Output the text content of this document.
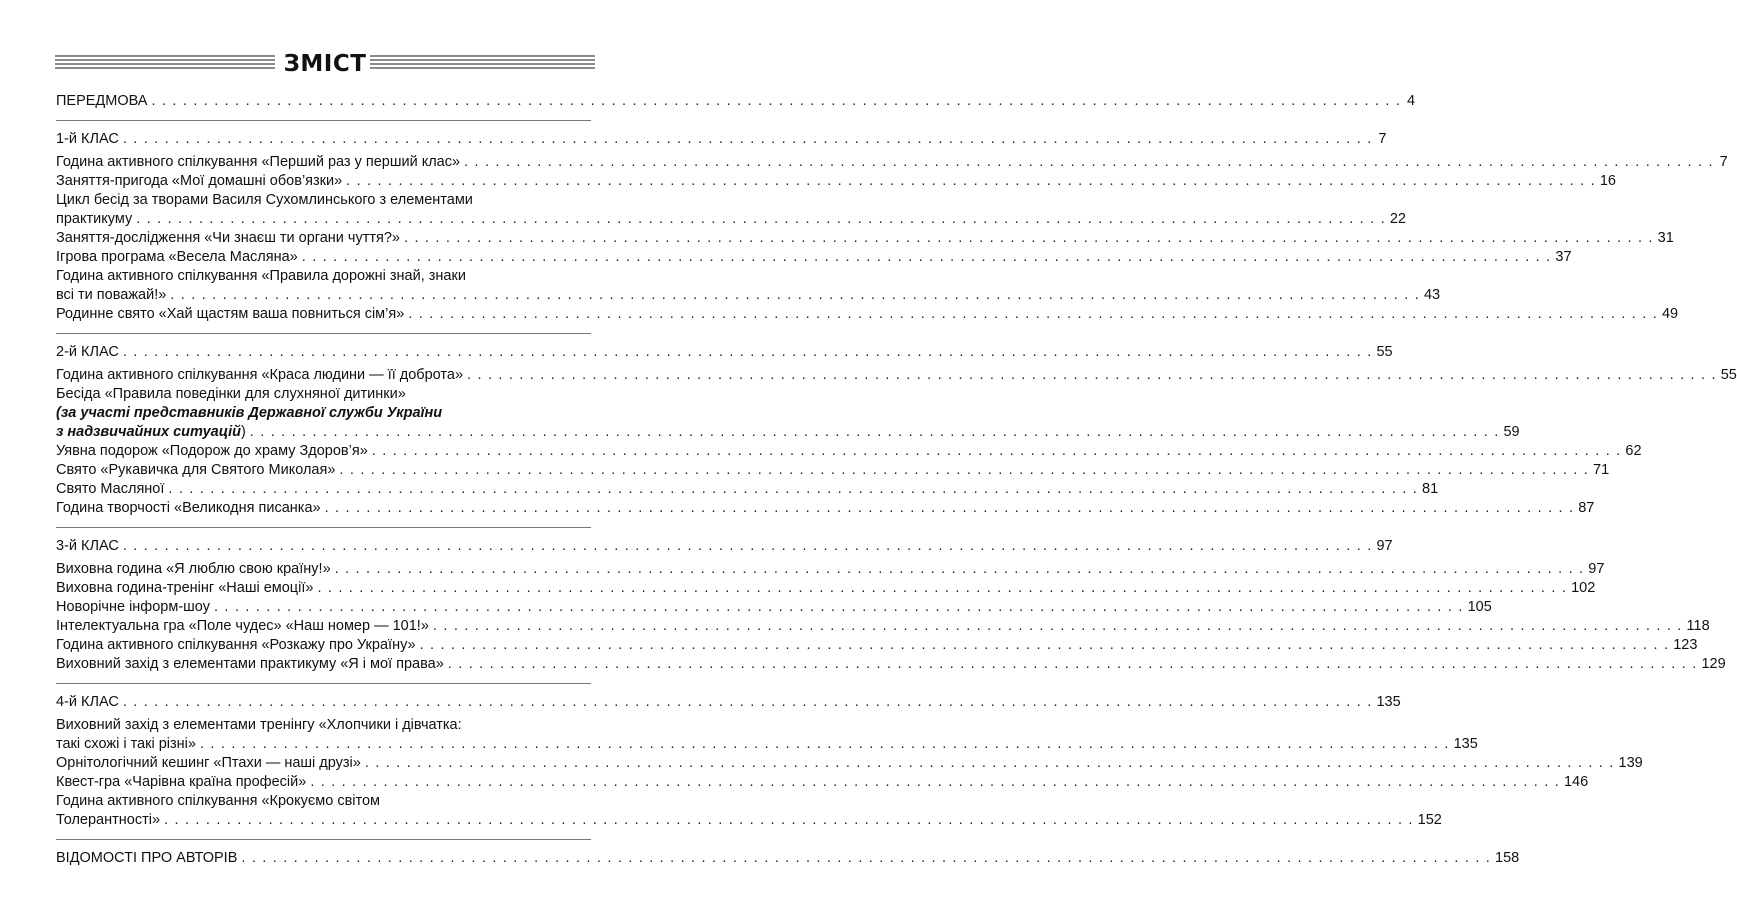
ЗМІСТ
ПЕРЕДМОВА . . . . . . . . . . . . . . . . . . . . . . . . . . . . . . . . . . . . . . . . . . . . . . . . . . . . . . . . . . . . . . . . . . . . . . . . . . . . . . . . . . . . . . . . . . . . . . . . . . . . . . . . . . . . . . . . . . . . . . . . 4
1-й КЛАС . . . . . . . . . . . . . . . . . . . . . . . . . . . . . . . . . . . . . . . . . . . . . . . . . . . . . . . . . . . . . . . . . . . . . . . . . . . . . . . . . . . . . . . . . . . . . . . . . . . . . . . . . . . . . . . . . . . . . . . . 7
Година активного спілкування «Перший раз у перший клас» . . . . . . . . . . . . . . . . . . . . . . . . . . . . . . . . . . . . . . . . . . . . . . . . . . . . . . . . . . . . . . . . . . . . . . . . . . . . . . . . . . . . . . . . . . . . . . . . . . . . . . . . . . . . . . . . . . . . . . . . 7
Заняття-пригода «Мої домашні обов’язки» . . . . . . . . . . . . . . . . . . . . . . . . . . . . . . . . . . . . . . . . . . . . . . . . . . . . . . . . . . . . . . . . . . . . . . . . . . . . . . . . . . . . . . . . . . . . . . . . . . . . . . . . . . . . . . . . . . . . . . . . 16
Цикл бесід за творами Василя Сухомлинського з елементами
практикуму . . . . . . . . . . . . . . . . . . . . . . . . . . . . . . . . . . . . . . . . . . . . . . . . . . . . . . . . . . . . . . . . . . . . . . . . . . . . . . . . . . . . . . . . . . . . . . . . . . . . . . . . . . . . . . . . . . . . . . . . 22
Заняття-дослідження «Чи знаєш ти органи чуття?» . . . . . . . . . . . . . . . . . . . . . . . . . . . . . . . . . . . . . . . . . . . . . . . . . . . . . . . . . . . . . . . . . . . . . . . . . . . . . . . . . . . . . . . . . . . . . . . . . . . . . . . . . . . . . . . . . . . . . . . . 31
Ігрова програма «Весела Масляна» . . . . . . . . . . . . . . . . . . . . . . . . . . . . . . . . . . . . . . . . . . . . . . . . . . . . . . . . . . . . . . . . . . . . . . . . . . . . . . . . . . . . . . . . . . . . . . . . . . . . . . . . . . . . . . . . . . . . . . . . 37
Година активного спілкування «Правила дорожні знай, знаки
всі ти поважай!» . . . . . . . . . . . . . . . . . . . . . . . . . . . . . . . . . . . . . . . . . . . . . . . . . . . . . . . . . . . . . . . . . . . . . . . . . . . . . . . . . . . . . . . . . . . . . . . . . . . . . . . . . . . . . . . . . . . . . . . . 43
Родинне свято «Хай щастям ваша повниться сім’я» . . . . . . . . . . . . . . . . . . . . . . . . . . . . . . . . . . . . . . . . . . . . . . . . . . . . . . . . . . . . . . . . . . . . . . . . . . . . . . . . . . . . . . . . . . . . . . . . . . . . . . . . . . . . . . . . . . . . . . . . 49
2-й КЛАС . . . . . . . . . . . . . . . . . . . . . . . . . . . . . . . . . . . . . . . . . . . . . . . . . . . . . . . . . . . . . . . . . . . . . . . . . . . . . . . . . . . . . . . . . . . . . . . . . . . . . . . . . . . . . . . . . . . . . . . . 55
Година активного спілкування «Краса людини — її доброта» . . . . . . . . . . . . . . . . . . . . . . . . . . . . . . . . . . . . . . . . . . . . . . . . . . . . . . . . . . . . . . . . . . . . . . . . . . . . . . . . . . . . . . . . . . . . . . . . . . . . . . . . . . . . . . . . . . . . . . . . 55
Бесіда «Правила поведінки для слухняної дитинки»
(за участі представників Державної служби України
з надзвичайних ситуацій) . . . . . . . . . . . . . . . . . . . . . . . . . . . . . . . . . . . . . . . . . . . . . . . . . . . . . . . . . . . . . . . . . . . . . . . . . . . . . . . . . . . . . . . . . . . . . . . . . . . . . . . . . . . . . . . . . . . . . . . . 59
Уявна подорож «Подорож до храму Здоров’я» . . . . . . . . . . . . . . . . . . . . . . . . . . . . . . . . . . . . . . . . . . . . . . . . . . . . . . . . . . . . . . . . . . . . . . . . . . . . . . . . . . . . . . . . . . . . . . . . . . . . . . . . . . . . . . . . . . . . . . . . 62
Свято «Рукавичка для Святого Миколая» . . . . . . . . . . . . . . . . . . . . . . . . . . . . . . . . . . . . . . . . . . . . . . . . . . . . . . . . . . . . . . . . . . . . . . . . . . . . . . . . . . . . . . . . . . . . . . . . . . . . . . . . . . . . . . . . . . . . . . . . 71
Свято Масляної . . . . . . . . . . . . . . . . . . . . . . . . . . . . . . . . . . . . . . . . . . . . . . . . . . . . . . . . . . . . . . . . . . . . . . . . . . . . . . . . . . . . . . . . . . . . . . . . . . . . . . . . . . . . . . . . . . . . . . . . 81
Година творчості «Великодня писанка» . . . . . . . . . . . . . . . . . . . . . . . . . . . . . . . . . . . . . . . . . . . . . . . . . . . . . . . . . . . . . . . . . . . . . . . . . . . . . . . . . . . . . . . . . . . . . . . . . . . . . . . . . . . . . . . . . . . . . . . . 87
3-й КЛАС . . . . . . . . . . . . . . . . . . . . . . . . . . . . . . . . . . . . . . . . . . . . . . . . . . . . . . . . . . . . . . . . . . . . . . . . . . . . . . . . . . . . . . . . . . . . . . . . . . . . . . . . . . . . . . . . . . . . . . . . 97
Виховна година «Я люблю свою країну!» . . . . . . . . . . . . . . . . . . . . . . . . . . . . . . . . . . . . . . . . . . . . . . . . . . . . . . . . . . . . . . . . . . . . . . . . . . . . . . . . . . . . . . . . . . . . . . . . . . . . . . . . . . . . . . . . . . . . . . . . 97
Виховна година-тренінг «Наші емоції» . . . . . . . . . . . . . . . . . . . . . . . . . . . . . . . . . . . . . . . . . . . . . . . . . . . . . . . . . . . . . . . . . . . . . . . . . . . . . . . . . . . . . . . . . . . . . . . . . . . . . . . . . . . . . . . . . . . . . . . . 102
Новорічне інформ-шоу . . . . . . . . . . . . . . . . . . . . . . . . . . . . . . . . . . . . . . . . . . . . . . . . . . . . . . . . . . . . . . . . . . . . . . . . . . . . . . . . . . . . . . . . . . . . . . . . . . . . . . . . . . . . . . . . . . . . . . . . 105
Інтелектуальна гра «Поле чудес» «Наш номер — 101!» . . . . . . . . . . . . . . . . . . . . . . . . . . . . . . . . . . . . . . . . . . . . . . . . . . . . . . . . . . . . . . . . . . . . . . . . . . . . . . . . . . . . . . . . . . . . . . . . . . . . . . . . . . . . . . . . . . . . . . . . 118
Година активного спілкування «Розкажу про Україну» . . . . . . . . . . . . . . . . . . . . . . . . . . . . . . . . . . . . . . . . . . . . . . . . . . . . . . . . . . . . . . . . . . . . . . . . . . . . . . . . . . . . . . . . . . . . . . . . . . . . . . . . . . . . . . . . . . . . . . . . 123
Виховний захід з елементами практикуму «Я і мої права» . . . . . . . . . . . . . . . . . . . . . . . . . . . . . . . . . . . . . . . . . . . . . . . . . . . . . . . . . . . . . . . . . . . . . . . . . . . . . . . . . . . . . . . . . . . . . . . . . . . . . . . . . . . . . . . . . . . . . . . . 129
4-й КЛАС . . . . . . . . . . . . . . . . . . . . . . . . . . . . . . . . . . . . . . . . . . . . . . . . . . . . . . . . . . . . . . . . . . . . . . . . . . . . . . . . . . . . . . . . . . . . . . . . . . . . . . . . . . . . . . . . . . . . . . . . 135
Виховний захід з елементами тренінгу «Хлопчики і дівчатка:
такі схожі і такі різні» . . . . . . . . . . . . . . . . . . . . . . . . . . . . . . . . . . . . . . . . . . . . . . . . . . . . . . . . . . . . . . . . . . . . . . . . . . . . . . . . . . . . . . . . . . . . . . . . . . . . . . . . . . . . . . . . . . . . . . . . 135
Орнітологічний кешинг «Птахи — наші друзі» . . . . . . . . . . . . . . . . . . . . . . . . . . . . . . . . . . . . . . . . . . . . . . . . . . . . . . . . . . . . . . . . . . . . . . . . . . . . . . . . . . . . . . . . . . . . . . . . . . . . . . . . . . . . . . . . . . . . . . . . 139
Квест-гра «Чарівна країна професій» . . . . . . . . . . . . . . . . . . . . . . . . . . . . . . . . . . . . . . . . . . . . . . . . . . . . . . . . . . . . . . . . . . . . . . . . . . . . . . . . . . . . . . . . . . . . . . . . . . . . . . . . . . . . . . . . . . . . . . . . 146
Година активного спілкування «Крокуємо світом
Толерантності» . . . . . . . . . . . . . . . . . . . . . . . . . . . . . . . . . . . . . . . . . . . . . . . . . . . . . . . . . . . . . . . . . . . . . . . . . . . . . . . . . . . . . . . . . . . . . . . . . . . . . . . . . . . . . . . . . . . . . . . . 152
ВІДОМОСТІ ПРО АВТОРІВ . . . . . . . . . . . . . . . . . . . . . . . . . . . . . . . . . . . . . . . . . . . . . . . . . . . . . . . . . . . . . . . . . . . . . . . . . . . . . . . . . . . . . . . . . . . . . . . . . . . . . . . . . . . . . . . . . . . . . . . . 158
